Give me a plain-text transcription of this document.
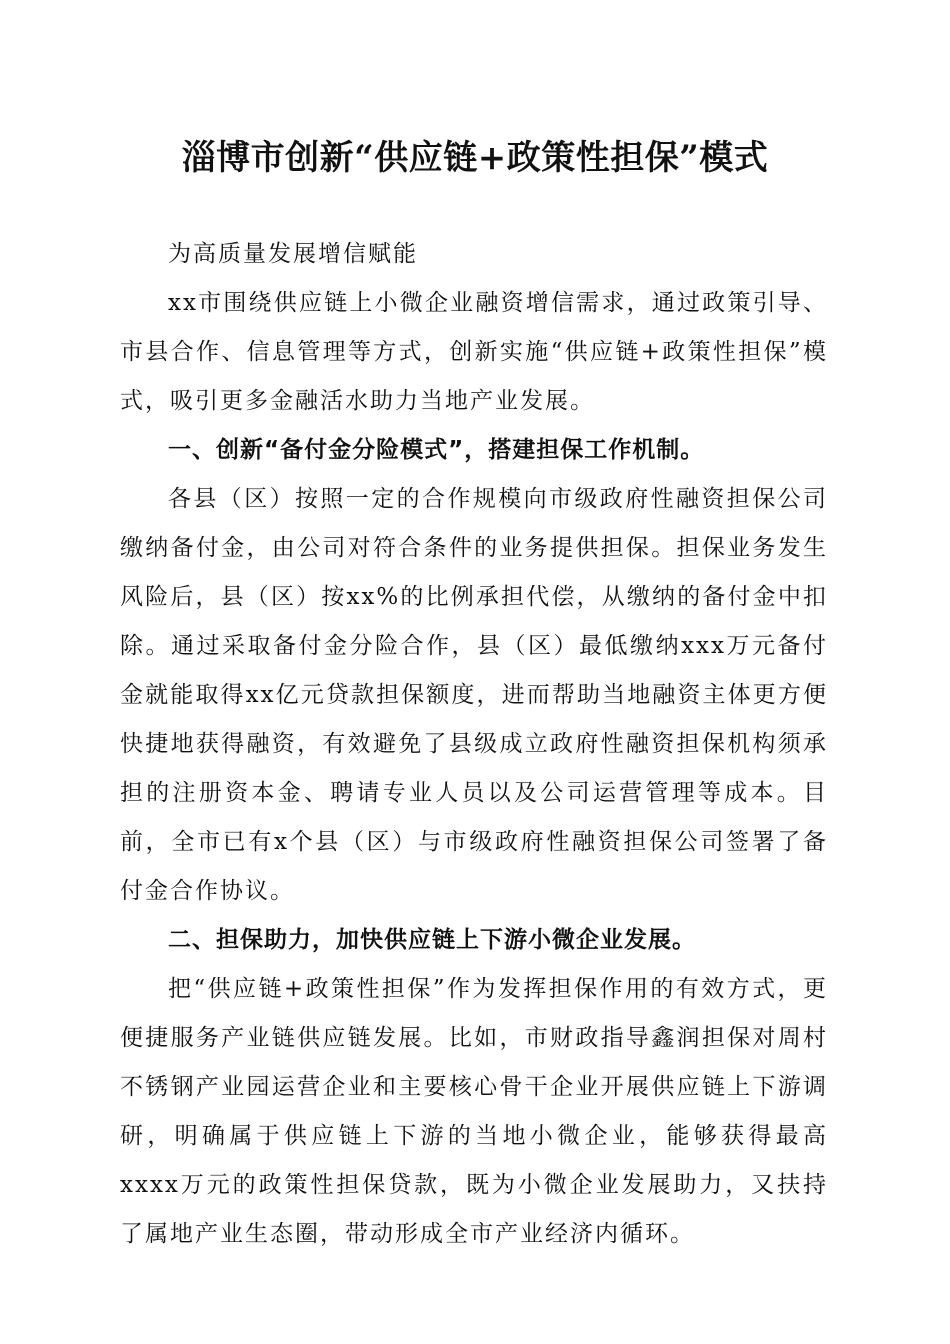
淄博市创新“供应链+政策性担保”模式

为高质量发展增信赋能

xx市围绕供应链上小微企业融资增信需求，通过政策引导、市县合作、信息管理等方式，创新实施“供应链+政策性担保”模式，吸引更多金融活水助力当地产业发展。

一、创新“备付金分险模式”，搭建担保工作机制。

各县（区）按照一定的合作规模向市级政府性融资担保公司缴纳备付金，由公司对符合条件的业务提供担保。担保业务发生风险后，县（区）按xx%的比例承担代偿，从缴纳的备付金中扣除。通过采取备付金分险合作，县（区）最低缴纳xxx万元备付金就能取得xx亿元贷款担保额度，进而帮助当地融资主体更方便快捷地获得融资，有效避免了县级成立政府性融资担保机构须承担的注册资本金、聘请专业人员以及公司运营管理等成本。目前，全市已有x个县（区）与市级政府性融资担保公司签署了备付金合作协议。

二、担保助力，加快供应链上下游小微企业发展。

把“供应链+政策性担保”作为发挥担保作用的有效方式，更便捷服务产业链供应链发展。比如，市财政指导鑫润担保对周村不锈钢产业园运营企业和主要核心骨干企业开展供应链上下游调研，明确属于供应链上下游的当地小微企业，能够获得最高xxxx万元的政策性担保贷款，既为小微企业发展助力，又扶持了属地产业生态圈，带动形成全市产业经济内循环。
